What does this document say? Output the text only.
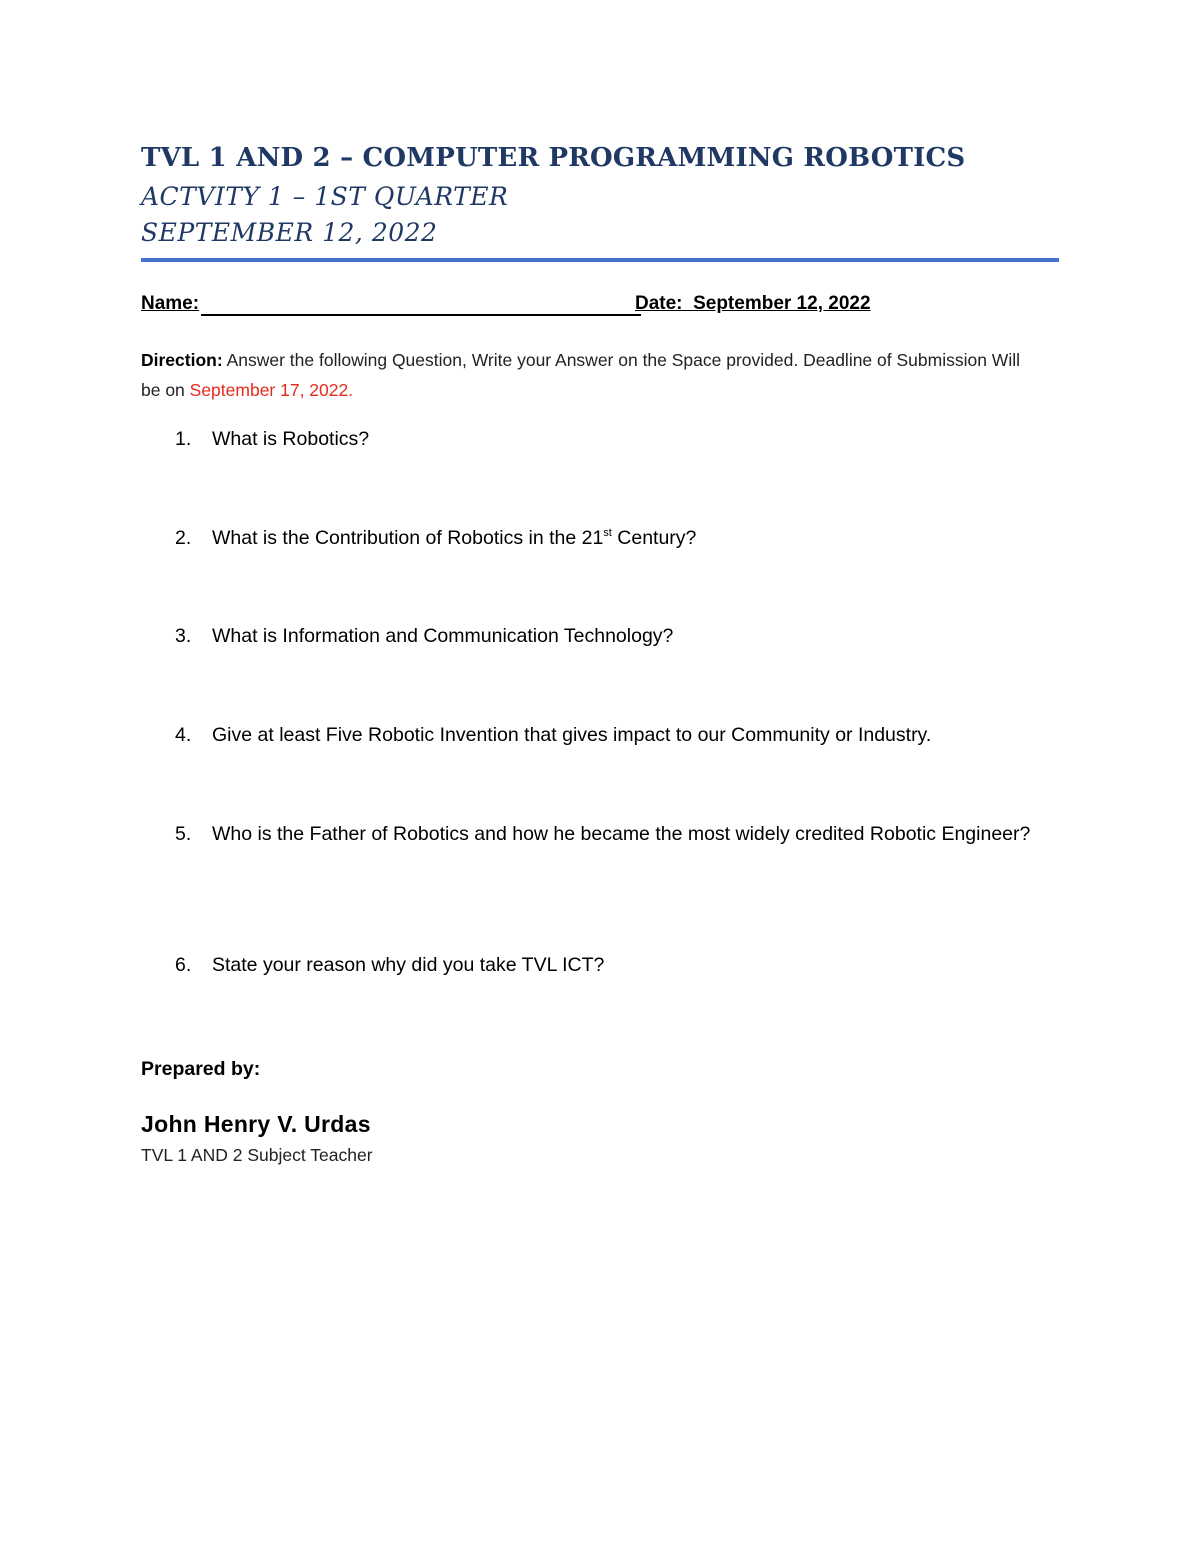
TVL 1 AND 2 – COMPUTER PROGRAMMING ROBOTICS
ACTVITY 1 – 1ST QUARTER
SEPTEMBER 12, 2022
Name:	Date: September 12, 2022
Direction: Answer the following Question, Write your Answer on the Space provided. Deadline of Submission Will be on September 17, 2022.
1. What is Robotics?
2. What is the Contribution of Robotics in the 21st Century?
3. What is Information and Communication Technology?
4. Give at least Five Robotic Invention that gives impact to our Community or Industry.
5. Who is the Father of Robotics and how he became the most widely credited Robotic Engineer?
6. State your reason why did you take TVL ICT?
Prepared by:
John Henry V. Urdas
TVL 1 AND 2 Subject Teacher
